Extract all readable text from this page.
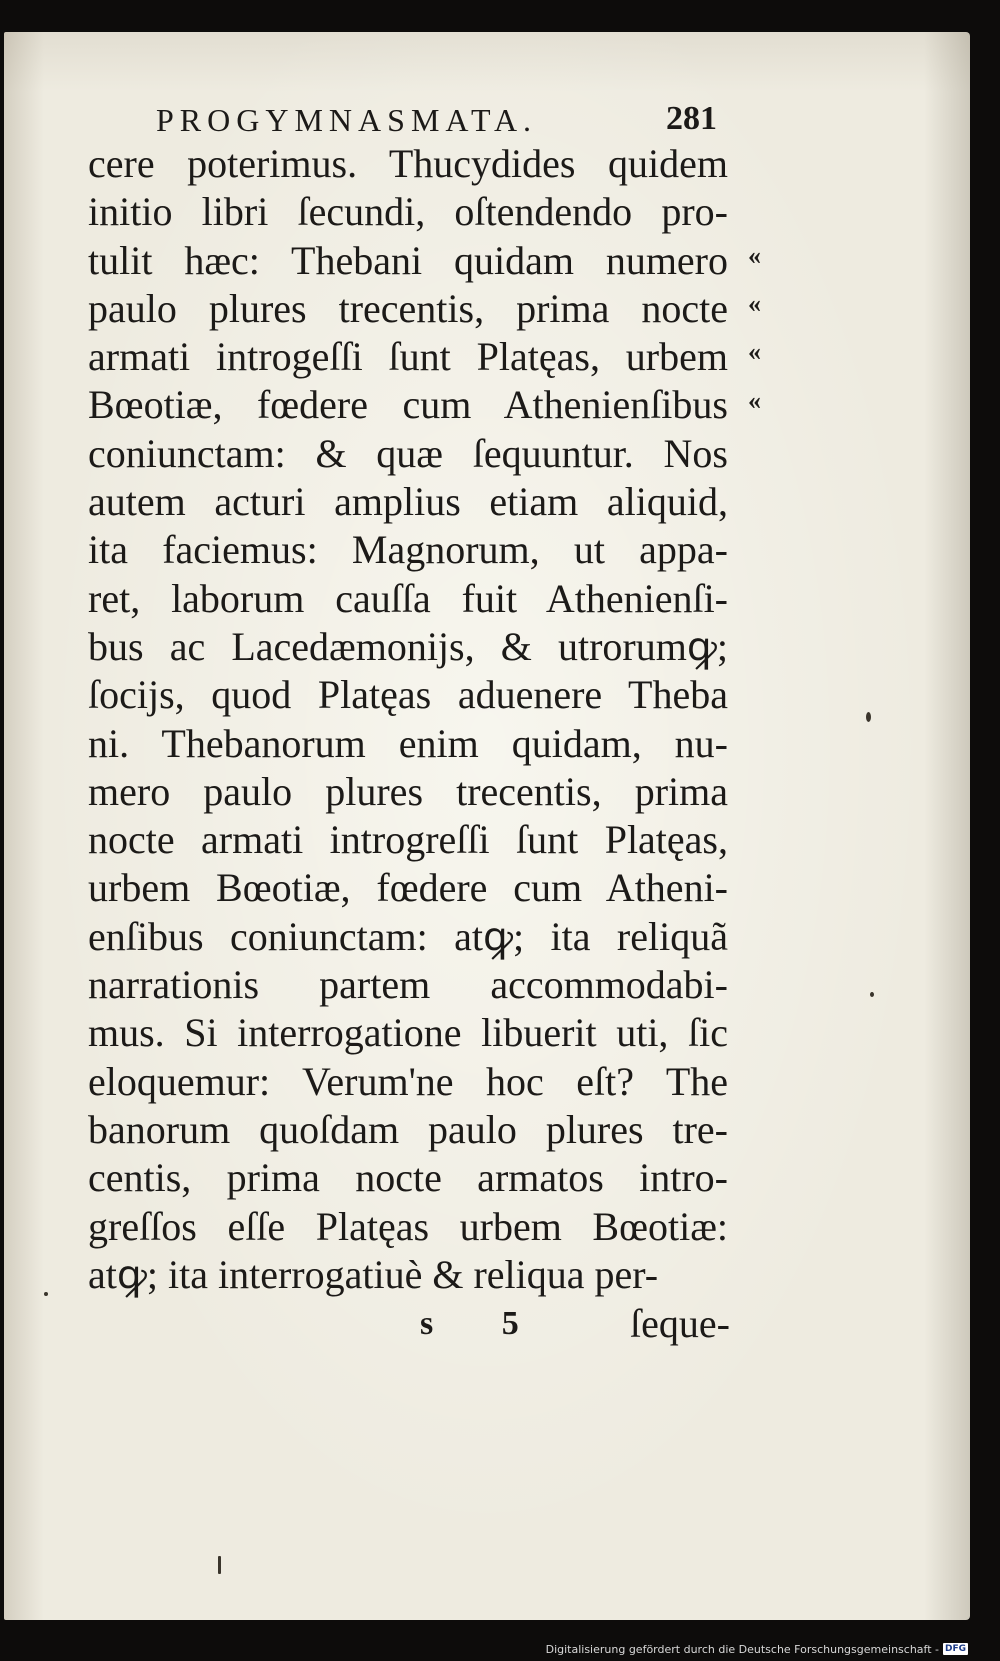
PROGYMNASMATA.	281
cere poterimus. Thucydides quidem
initio libri ſecundi, oſtendendo pro-
tulit hæc: Thebani quidam numero «
paulo plures trecentis, prima nocte «
armati introgeſſi ſunt Platęas, urbem «
Bœotiæ, fœdere cum Athenienſibus «
coniunctam: & quæ ſequuntur. Nos
autem acturi amplius etiam aliquid,
ita faciemus: Magnorum, ut appa-
ret, laborum cauſſa fuit Athenienſi-
bus ac Lacedæmoniјs, & utrorumꝙ;
ſociјs, quod Platęas aduenere Theba
ni. Thebanorum enim quidam, nu-
mero paulo plures trecentis, prima
nocte armati introgreſſi ſunt Platęas,
urbem Bœotiæ, fœdere cum Atheni-
enſibus coniunctam: atꝙ; ita reliquã
narrationis partem accommodabi-
mus. Si interrogatione libuerit uti, ſic
eloquemur: Verum'ne hoc eſt? The
banorum quoſdam paulo plures tre-
centis, prima nocte armatos intro-
greſſos eſſe Platęas urbem Bœotiæ:
atꝙ; ita interrogatiuè & reliqua per-
s 5 ſeque-
Digitalisierung gefördert durch die Deutsche Forschungsgemeinschaft - DFG
